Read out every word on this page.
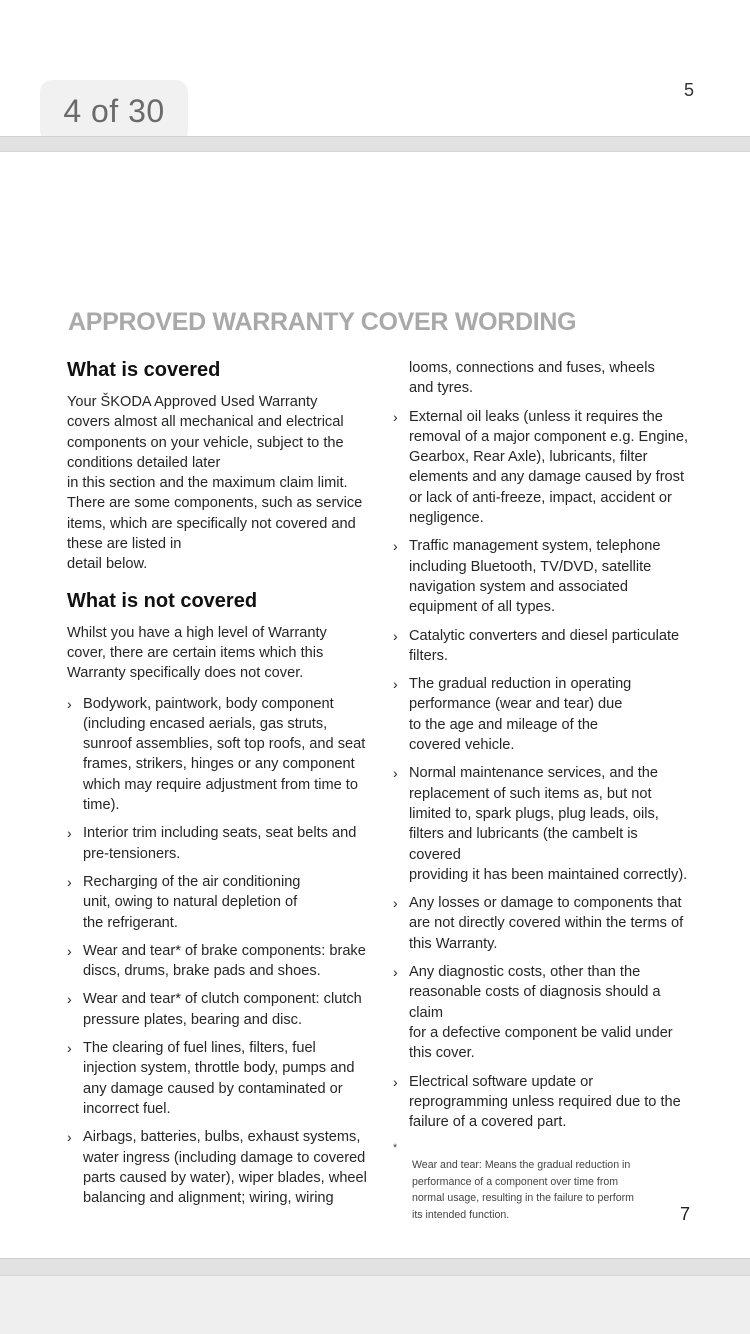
4 of 30
5
APPROVED WARRANTY COVER WORDING
What is covered

Your ŠKODA Approved Used Warranty
covers almost all mechanical and electrical
components on your vehicle, subject to the
conditions detailed later
in this section and the maximum claim limit.
There are some components, such as service
items, which are specifically not covered and
these are listed in
detail below.

What is not covered

Whilst you have a high level of Warranty
cover, there are certain items which this
Warranty specifically does not cover.

› Bodywork, paintwork, body component
(including encased aerials, gas struts,
sunroof assemblies, soft top roofs, and seat
frames, strikers, hinges or any component
which may require adjustment from time to
time).
› Interior trim including seats, seat belts and
pre-tensioners.
› Recharging of the air conditioning
unit, owing to natural depletion of
the refrigerant.
› Wear and tear* of brake components: brake
discs, drums, brake pads and shoes.
› Wear and tear* of clutch component: clutch
pressure plates, bearing and disc.
› The clearing of fuel lines, filters, fuel
injection system, throttle body, pumps and
any damage caused by contaminated or
incorrect fuel.
› Airbags, batteries, bulbs, exhaust systems,
water ingress (including damage to covered
parts caused by water), wiper blades, wheel
balancing and alignment; wiring, wiring

looms, connections and fuses, wheels
and tyres.

› External oil leaks (unless it requires the
removal of a major component e.g. Engine,
Gearbox, Rear Axle), lubricants, filter
elements and any damage caused by frost
or lack of anti-freeze, impact, accident or
negligence.
› Traffic management system, telephone
including Bluetooth, TV/DVD, satellite
navigation system and associated
equipment of all types.
› Catalytic converters and diesel particulate
filters.
› The gradual reduction in operating
performance (wear and tear) due
to the age and mileage of the
covered vehicle.
› Normal maintenance services, and the
replacement of such items as, but not
limited to, spark plugs, plug leads, oils,
filters and lubricants (the cambelt is covered
providing it has been maintained correctly).
› Any losses or damage to components that
are not directly covered within the terms of
this Warranty.
› Any diagnostic costs, other than the
reasonable costs of diagnosis should a claim
for a defective component be valid under
this cover.
› Electrical software update or
reprogramming unless required due to the
failure of a covered part.

*
Wear and tear: Means the gradual reduction in
performance of a component over time from
normal usage, resulting in the failure to perform
its intended function.	7
